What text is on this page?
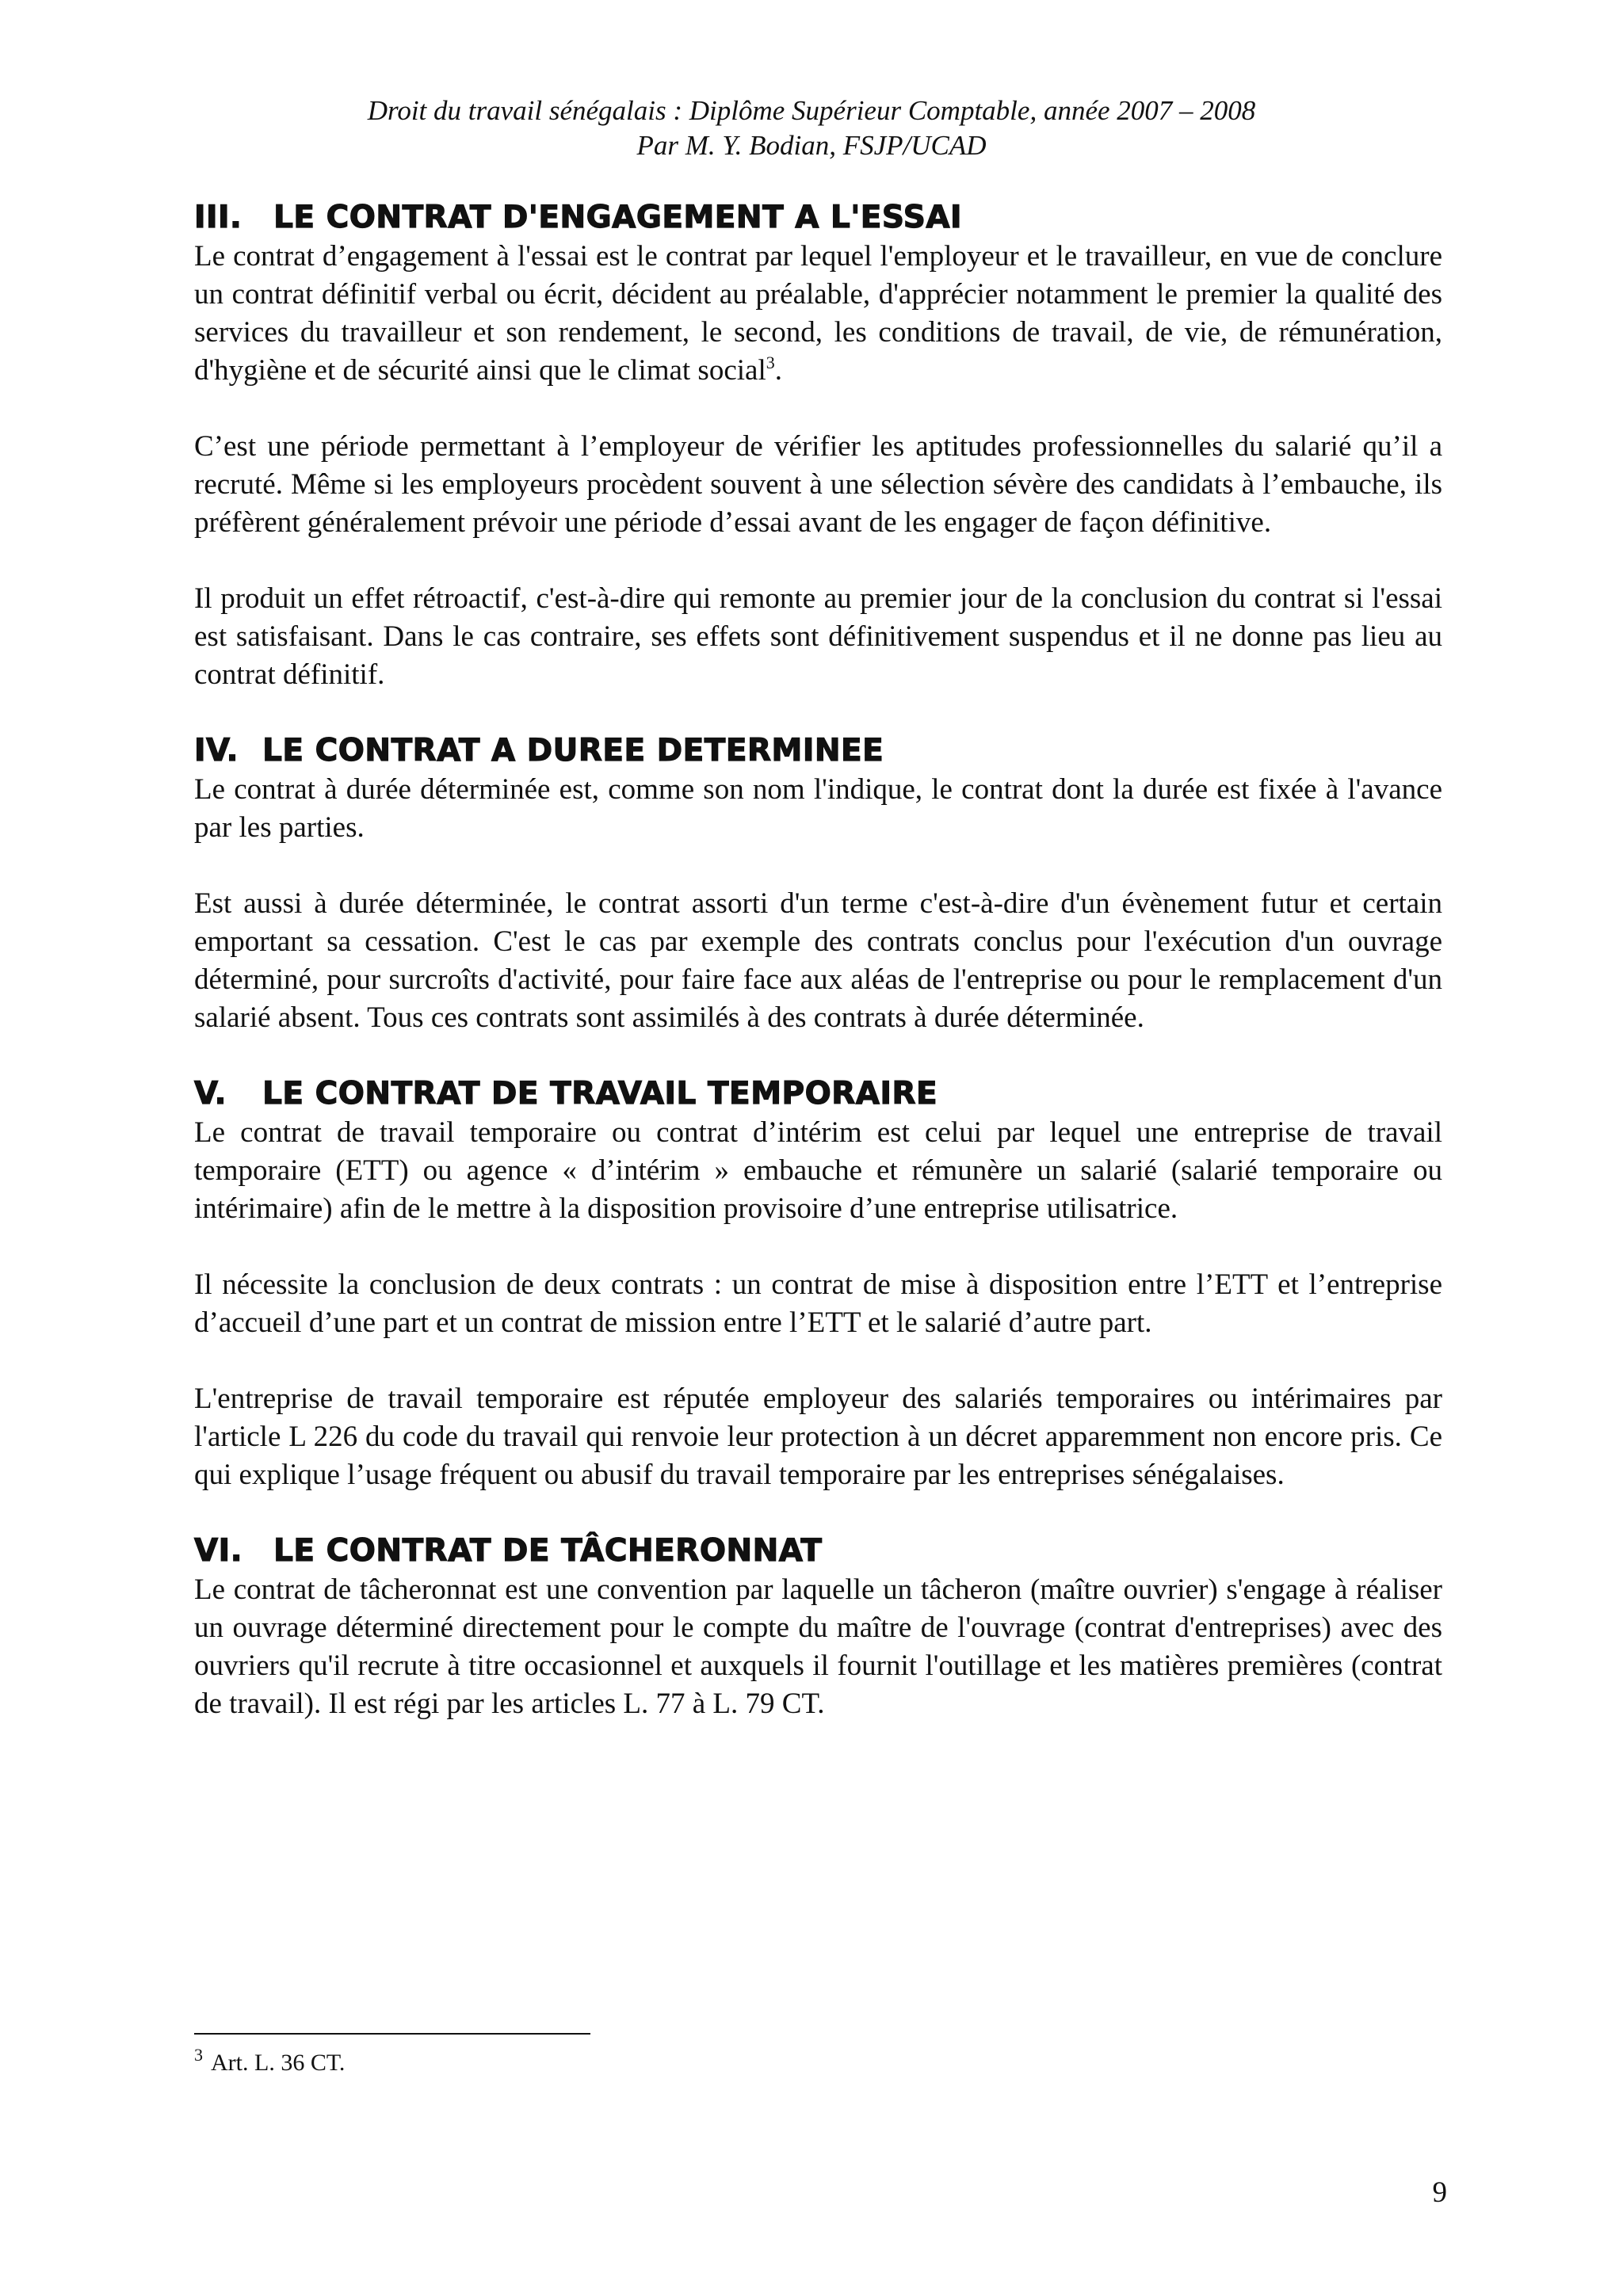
Droit du travail sénégalais : Diplôme Supérieur Comptable, année 2007 – 2008
Par M. Y. Bodian, FSJP/UCAD
III. LE CONTRAT D'ENGAGEMENT A L'ESSAI

Le contrat d’engagement à l'essai est le contrat par lequel l'employeur et le travailleur, en vue de conclure un contrat définitif verbal ou écrit, décident au préalable, d'apprécier notamment le premier la qualité des services du travailleur et son rendement, le second, les conditions de travail, de vie, de rémunération, d'hygiène et de sécurité ainsi que le climat social$^3$.

C’est une période permettant à l’employeur de vérifier les aptitudes professionnelles du salarié qu’il a recruté. Même si les employeurs procèdent souvent à une sélection sévère des candidats à l’embauche, ils préfèrent généralement prévoir une période d’essai avant de les engager de façon définitive.

Il produit un effet rétroactif, c'est-à-dire qui remonte au premier jour de la conclusion du contrat si l'essai est satisfaisant. Dans le cas contraire, ses effets sont définitivement suspendus et il ne donne pas lieu au contrat définitif.

IV. LE CONTRAT A DUREE DETERMINEE

Le contrat à durée déterminée est, comme son nom l'indique, le contrat dont la durée est fixée à l'avance par les parties.

Est aussi à durée déterminée, le contrat assorti d'un terme c'est-à-dire d'un évènement futur et certain emportant sa cessation. C'est le cas par exemple des contrats conclus pour l'exécution d'un ouvrage déterminé, pour surcroîts d'activité, pour faire face aux aléas de l'entreprise ou pour le remplacement d'un salarié absent. Tous ces contrats sont assimilés à des contrats à durée déterminée.

V. LE CONTRAT DE TRAVAIL TEMPORAIRE

Le contrat de travail temporaire ou contrat d’intérim est celui par lequel une entreprise de travail temporaire (ETT) ou agence « d’intérim » embauche et rémunère un salarié (salarié temporaire ou intérimaire) afin de le mettre à la disposition provisoire d’une entreprise utilisatrice.

Il nécessite la conclusion de deux contrats : un contrat de mise à disposition entre l’ETT et l’entreprise d’accueil d’une part et un contrat de mission entre l’ETT et le salarié d’autre part.

L'entreprise de travail temporaire est réputée employeur des salariés temporaires ou intérimaires par l'article L 226 du code du travail qui renvoie leur protection à un décret apparemment non encore pris. Ce qui explique l’usage fréquent ou abusif du travail temporaire par les entreprises sénégalaises.

VI. LE CONTRAT DE TÂCHERONNAT

Le contrat de tâcheronnat est une convention par laquelle un tâcheron (maître ouvrier) s'engage à réaliser un ouvrage déterminé directement pour le compte du maître de l'ouvrage (contrat d'entreprises) avec des ouvriers qu'il recrute à titre occasionnel et auxquels il fournit l'outillage et les matières premières (contrat de travail). Il est régi par les articles L. 77 à L. 79 CT.

$^3$ Art. L. 36 CT.
9
